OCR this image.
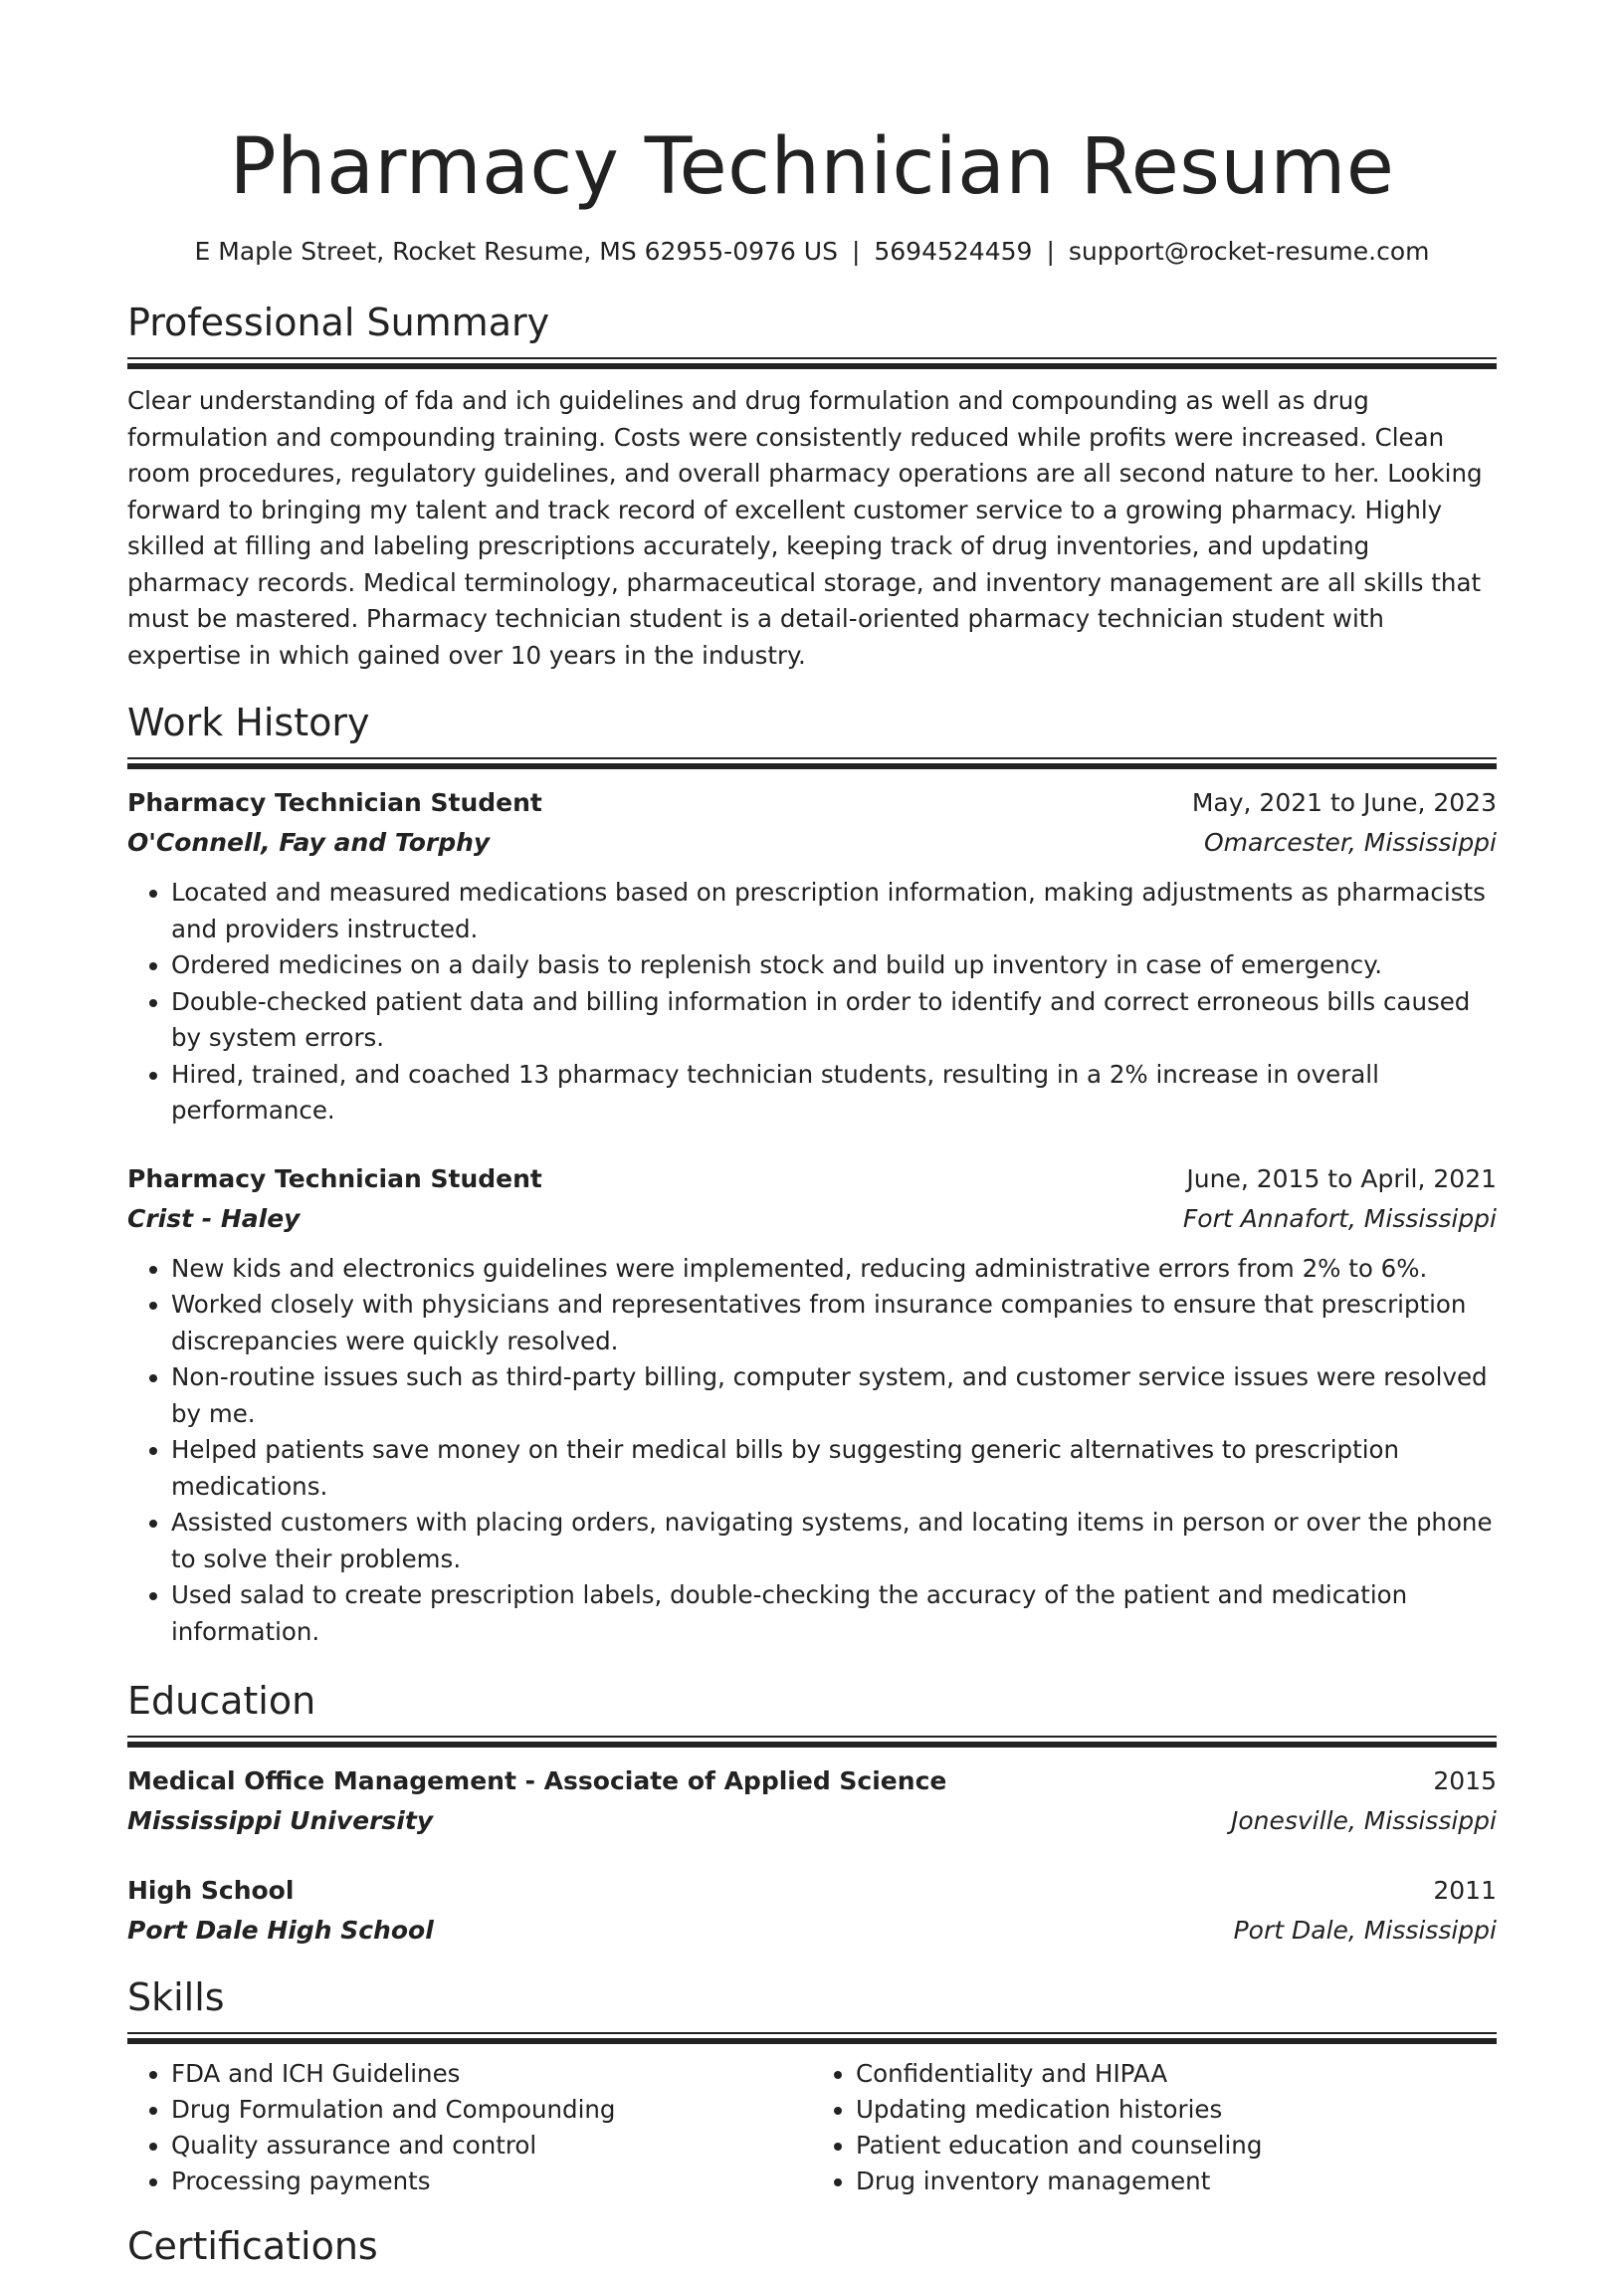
Pharmacy Technician Resume
E Maple Street, Rocket Resume, MS 62955-0976 US | 5694524459 | support@rocket-resume.com
Professional Summary
Clear understanding of fda and ich guidelines and drug formulation and compounding as well as drug formulation and compounding training. Costs were consistently reduced while profits were increased. Clean room procedures, regulatory guidelines, and overall pharmacy operations are all second nature to her. Looking forward to bringing my talent and track record of excellent customer service to a growing pharmacy. Highly skilled at filling and labeling prescriptions accurately, keeping track of drug inventories, and updating pharmacy records. Medical terminology, pharmaceutical storage, and inventory management are all skills that must be mastered. Pharmacy technician student is a detail-oriented pharmacy technician student with expertise in which gained over 10 years in the industry.
Work History
Pharmacy Technician Student	May, 2021 to June, 2023
O'Connell, Fay and Torphy	Omarcester, Mississippi
• Located and measured medications based on prescription information, making adjustments as pharmacists and providers instructed.
• Ordered medicines on a daily basis to replenish stock and build up inventory in case of emergency.
• Double-checked patient data and billing information in order to identify and correct erroneous bills caused by system errors.
• Hired, trained, and coached 13 pharmacy technician students, resulting in a 2% increase in overall performance.
Pharmacy Technician Student	June, 2015 to April, 2021
Crist - Haley	Fort Annafort, Mississippi
• New kids and electronics guidelines were implemented, reducing administrative errors from 2% to 6%.
• Worked closely with physicians and representatives from insurance companies to ensure that prescription discrepancies were quickly resolved.
• Non-routine issues such as third-party billing, computer system, and customer service issues were resolved by me.
• Helped patients save money on their medical bills by suggesting generic alternatives to prescription medications.
• Assisted customers with placing orders, navigating systems, and locating items in person or over the phone to solve their problems.
• Used salad to create prescription labels, double-checking the accuracy of the patient and medication information.
Education
Medical Office Management - Associate of Applied Science	2015
Mississippi University	Jonesville, Mississippi
High School	2011
Port Dale High School	Port Dale, Mississippi
Skills
• FDA and ICH Guidelines
• Drug Formulation and Compounding
• Quality assurance and control
• Processing payments
• Confidentiality and HIPAA
• Updating medication histories
• Patient education and counseling
• Drug inventory management
Certifications
